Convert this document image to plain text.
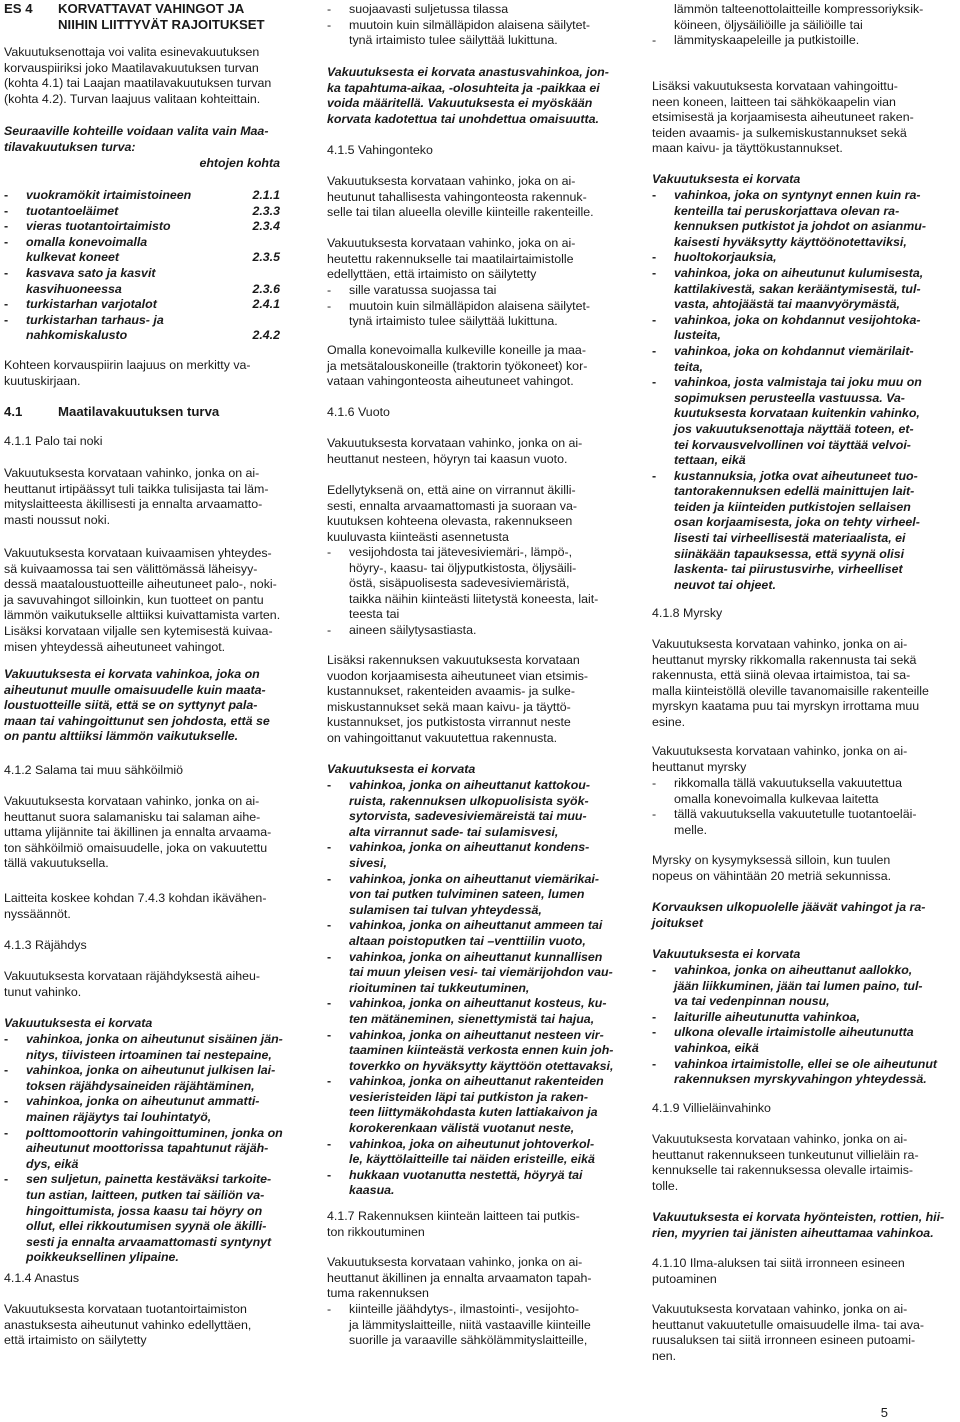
ES 4	KORVATTAVAT VAHINGOT JA
NIIHIN LIITTYVÄT RAJOITUKSET
Vakuutuksenottaja voi valita esinevakuutuksen
korvauspiiriksi joko Maatilavakuutuksen turvan
(kohta 4.1) tai Laajan maatilavakuutuksen turvan
(kohta 4.2). Turvan laajuus valitaan kohteittain.
Seuraaville kohteille voidaan valita vain Maa-
tilavakuutuksen turva:
ehtojen kohta
-	vuokramökit irtaimistoineen	2.1.1
-	tuotantoeläimet	2.3.3
-	vieras tuotantoirtaimisto	2.3.4
-	omalla konevoimalla
kulkevat koneet	2.3.5
-	kasvava sato ja kasvit
kasvihuoneessa	2.3.6
-	turkistarhan varjotalot	2.4.1
-	turkistarhan tarhaus- ja
nahkomiskalusto	2.4.2
Kohteen korvauspiirin laajuus on merkitty va-
kuutuskirjaan.
4.1	Maatilavakuutuksen turva
4.1.1 Palo tai noki
Vakuutuksesta korvataan vahinko, jonka on ai-
heuttanut irtipäässyt tuli taikka tulisijasta tai läm-
mityslaitteesta äkillisesti ja ennalta arvaamatto-
masti noussut noki.
Vakuutuksesta korvataan kuivaamisen yhteydes-
sä kuivaamossa tai sen välittömässä läheisyy-
dessä maataloustuotteille aiheutuneet palo-, noki-
ja savuvahingot silloinkin, kun tuotteet on pantu
lämmön vaikutukselle alttiiksi kuivattamista varten.
Lisäksi korvataan viljalle sen kytemisestä kuivaa-
misen yhteydessä aiheutuneet vahingot.
Vakuutuksesta ei korvata vahinkoa, joka on
aiheutunut muulle omaisuudelle kuin maata-
loustuotteille siitä, että se on syttynyt pala-
maan tai vahingoittunut sen johdosta, että se
on pantu alttiiksi lämmön vaikutukselle.
4.1.2 Salama tai muu sähköilmiö
Vakuutuksesta korvataan vahinko, jonka on ai-
heuttanut suora salamanisku tai salaman aihe-
uttama ylijännite tai äkillinen ja ennalta arvaama-
ton sähköilmiö omaisuudelle, joka on vakuutettu
tällä vakuutuksella.
Laitteita koskee kohdan 7.4.3 kohdan ikävähen-
nyssäännöt.
4.1.3 Räjähdys
Vakuutuksesta korvataan räjähdyksestä aiheu-
tunut vahinko.
Vakuutuksesta ei korvata
- vahinkoa, jonka on aiheutunut sisäinen jän-
nitys, tiivisteen irtoaminen tai nestepaine,
- vahinkoa, jonka on aiheutunut julkisen lai-
toksen räjähdysaineiden räjähtäminen,
- vahinkoa, jonka on aiheutunut ammatti-
mainen räjäytys tai louhintatyö,
- polttomoottorin vahingoittuminen, jonka on
aiheutunut moottorissa tapahtunut räjäh-
dys, eikä
- sen suljetun, painetta kestäväksi tarkoite-
tun astian, laitteen, putken tai säiliön va-
hingoittumista, jossa kaasu tai höyry on
ollut, ellei rikkoutumisen syynä ole äkilli-
sesti ja ennalta arvaamattomasti syntynyt
poikkeuksellinen ylipaine.
4.1.4 Anastus
Vakuutuksesta korvataan tuotantoirtaimiston
anastuksesta aiheutunut vahinko edellyttäen,
että irtaimisto on säilytetty
- suojaavasti suljetussa tilassa
- muutoin kuin silmälläpidon alaisena säilytet-
tynä irtaimisto tulee säilyttää lukittuna.
Vakuutuksesta ei korvata anastusvahinkoa, jon-
ka tapahtuma-aikaa, -olosuhteita ja -paikkaa ei
voida määritellä. Vakuutuksesta ei myöskään
korvata kadotettua tai unohdettua omaisuutta.
4.1.5 Vahingonteko
Vakuutuksesta korvataan vahinko, joka on ai-
heutunut tahallisesta vahingonteosta rakennuk-
selle tai tilan alueella oleville kiinteille rakenteille.
Vakuutuksesta korvataan vahinko, joka on ai-
heutettu rakennukselle tai maatilairtaimistolle
edellyttäen, että irtaimisto on säilytetty
- sille varatussa suojassa tai
- muutoin kuin silmälläpidon alaisena säilytet-
tynä irtaimisto tulee säilyttää lukittuna.
Omalla konevoimalla kulkeville koneille ja maa-
ja metsätalouskoneille (traktorin työkoneet) kor-
vataan vahingonteosta aiheutuneet vahingot.
4.1.6 Vuoto
Vakuutuksesta korvataan vahinko, jonka on ai-
heuttanut nesteen, höyryn tai kaasun vuoto.
Edellytyksenä on, että aine on virrannut äkilli-
sesti, ennalta arvaamattomasti ja suoraan va-
kuutuksen kohteena olevasta, rakennukseen
kuuluvasta kiinteästi asennetusta
- vesijohdosta tai jätevesiviemäri-, lämpö-,
höyry-, kaasu- tai öljyputkistosta, öljysäili-
östä, sisäpuolisesta sadevesiviemäristä,
taikka näihin kiinteästi liitetystä koneesta, lait-
teesta tai
- aineen säilytysastiasta.
Lisäksi rakennuksen vakuutuksesta korvataan
vuodon korjaamisesta aiheutuneet vian etsimis-
kustannukset, rakenteiden avaamis- ja sulke-
miskustannukset sekä maan kaivu- ja täyttö-
kustannukset, jos putkistosta virrannut neste
on vahingoittanut vakuutettua rakennusta.
Vakuutuksesta ei korvata
- vahinkoa, jonka on aiheuttanut kattokou-
ruista, rakennuksen ulkopuolisista syök-
sytorvista, sadevesiviemäreistä tai muu-
alta virrannut sade- tai sulamisvesi,
- vahinkoa, jonka on aiheuttanut kondens-
sivesi,
- vahinkoa, jonka on aiheuttanut viemärikai-
von tai putken tulviminen sateen, lumen
sulamisen tai tulvan yhteydessä,
- vahinkoa, jonka on aiheuttanut ammeen tai
altaan poistoputken tai –venttiilin vuoto,
- vahinkoa, jonka on aiheuttanut kunnallisen
tai muun yleisen vesi- tai viemärijohdon vau-
rioituminen tai tukkeutuminen,
- vahinkoa, jonka on aiheuttanut kosteus, ku-
ten mätäneminen, sienettymistä tai hajua,
- vahinkoa, jonka on aiheuttanut nesteen vir-
taaminen kiinteästä verkosta ennen kuin joh-
toverkko on hyväksytty käyttöön otettavaksi,
- vahinkoa, jonka on aiheuttanut rakenteiden
vesieristeiden läpi tai putkiston ja raken-
teen liittymäkohdasta kuten lattiakaivon ja
korokerenkaan välistä vuotanut neste,
- vahinkoa, joka on aiheutunut johtoverkol-
le, käyttölaitteille tai näiden eristeille, eikä
- hukkaan vuotanutta nestettä, höyryä tai
kaasua.
4.1.7 Rakennuksen kiinteän laitteen tai putkis-
ton rikkoutuminen
Vakuutuksesta korvataan vahinko, jonka on ai-
heuttanut äkillinen ja ennalta arvaamaton tapah-
tuma rakennuksen
- kiinteille jäähdytys-, ilmastointi-, vesijohto-
ja lämmityslaitteille, niitä vastaaville kiinteille
suorille ja varaaville sähkölämmityslaitteille,
lämmön talteenottolaitteille kompressoriyksik-
köineen, öljysäiliöille ja säiliöille tai
- lämmityskaapeleille ja putkistoille.
Lisäksi vakuutuksesta korvataan vahingoittu-
neen koneen, laitteen tai sähkökaapelin vian
etsimisestä ja korjaamisesta aiheutuneet raken-
teiden avaamis- ja sulkemiskustannukset sekä
maan kaivu- ja täyttökustannukset.
Vakuutuksesta ei korvata
- vahinkoa, joka on syntynyt ennen kuin ra-
kenteilla tai peruskorjattava olevan ra-
kennuksen putkistot ja johdot on asianmu-
kaisesti hyväksytty käyttöönotettaviksi,
- huoltokorjauksia,
- vahinkoa, joka on aiheutunut kulumisesta,
kattilakivestä, sakan kerääntymisestä, tul-
vasta, ahtojäästä tai maanvyörymästä,
- vahinkoa, joka on kohdannut vesijohtoka-
lusteita,
- vahinkoa, joka on kohdannut viemärilait-
teita,
- vahinkoa, josta valmistaja tai joku muu on
sopimuksen perusteella vastuussa. Va-
kuutuksesta korvataan kuitenkin vahinko,
jos vakuutuksenottaja näyttää toteen, et-
tei korvausvelvollinen voi täyttää velvoi-
tettaan, eikä
- kustannuksia, jotka ovat aiheutuneet tuo-
tantorakennuksen edellä mainittujen lait-
teiden ja kiinteiden putkistojen sellaisen
osan korjaamisesta, joka on tehty virheel-
lisesti tai virheellisestä materiaalista, ei
siinäkään tapauksessa, että syynä olisi
laskenta- tai piirustusvirhe, virheelliset
neuvot tai ohjeet.
4.1.8 Myrsky
Vakuutuksesta korvataan vahinko, jonka on ai-
heuttanut myrsky rikkomalla rakennusta tai sekä
rakennusta, että siinä olevaa irtaimistoa, tai sa-
malla kiinteistöllä oleville tavanomaisille rakenteille
myrskyn kaatama puu tai myrskyn irrottama muu
esine.
Vakuutuksesta korvataan vahinko, jonka on ai-
heuttanut myrsky
- rikkomalla tällä vakuutuksella vakuutettua
omalla konevoimalla kulkevaa laitetta
- tällä vakuutuksella vakuutetulle tuotantoeläi-
melle.
Myrsky on kysymyksessä silloin, kun tuulen
nopeus on vähintään 20 metriä sekunnissa.
Korvauksen ulkopuolelle jäävät vahingot ja ra-
joitukset
Vakuutuksesta ei korvata
- vahinkoa, jonka on aiheuttanut aallokko,
jään liikkuminen, jään tai lumen paino, tul-
va tai vedenpinnan nousu,
- laiturille aiheutunutta vahinkoa,
- ulkona olevalle irtaimistolle aiheutunutta
vahinkoa, eikä
- vahinkoa irtaimistolle, ellei se ole aiheutunut
rakennuksen myrskyvahingon yhteydessä.
4.1.9 Villieläinvahinko
Vakuutuksesta korvataan vahinko, jonka on ai-
heuttanut rakennukseen tunkeutunut villieläin ra-
kennukselle tai rakennuksessa olevalle irtaimis-
tolle.
Vakuutuksesta ei korvata hyönteisten, rottien, hii-
rien, myyrien tai jänisten aiheuttamaa vahinkoa.
4.1.10 Ilma-aluksen tai siitä irronneen esineen
putoaminen
Vakuutuksesta korvataan vahinko, jonka on ai-
heuttanut vakuutetulle omaisuudelle ilma- tai ava-
ruusaluksen tai siitä irronneen esineen putoami-
nen.
5
